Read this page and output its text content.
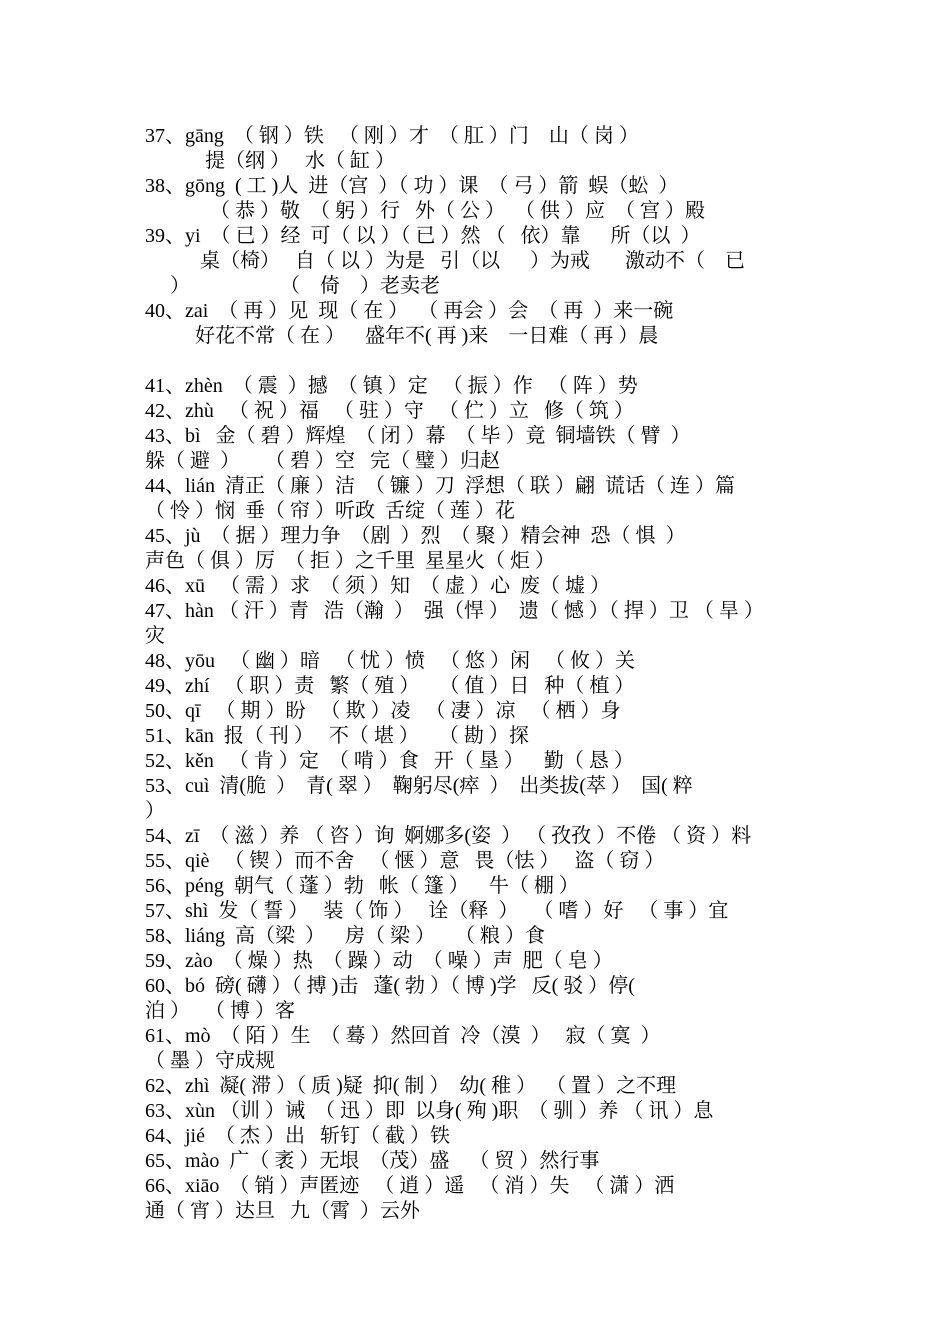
37、gāng  （ 钢 ）铁   （ 刚 ）才  （ 肛 ）门    山（ 岗 ）
提（纲 ）   水（ 缸 ）
38、gōng  ( 工 )人  进（宫  ）（ 功 ）课  （ 弓 ）箭  蜈（蚣  ）
（ 恭 ）敬  （ 躬 ）行   外（ 公 ）  （ 供 ）应  （ 宫 ）殿
39、yi  （ 已 ）经  可（ 以 ）（ 已 ）然 （   依）靠      所（以  ）
桌（椅）   自（ 以 ）为是   引（以      ）为戒       激动不（    已
）                  （    倚    ）老卖老
40、zai  （ 再 ）见  现（ 在 ）  （ 再会 ）会  （ 再  ）来一碗
好花不常（ 在 ）    盛年不( 再 )来    一日难（ 再 ）晨
41、zhèn  （ 震  ）撼  （ 镇 ）定   （ 振 ）作   （ 阵 ）势
42、zhù   （ 祝 ）福   （ 驻 ）守   （ 伫 ）立   修（ 筑 ）
43、bì   金（ 碧 ）辉煌  （ 闭 ）幕  （ 毕 ）竟  铜墙铁（ 臂  ）
躲（ 避  ）     （ 碧 ）空   完（ 璧 ）归赵
44、lián  清正（ 廉 ）洁  （ 镰 ）刀  浮想（ 联 ）翩  谎话（ 连 ）篇
（ 怜 ）悯  垂（ 帘 ）听政  舌绽（ 莲 ）花
45、jù  （ 据 ）理力争  （剧  ）烈  （ 聚 ）精会神  恐（ 惧  ）
声色（ 俱 ）厉  （ 拒 ）之千里  星星火（ 炬 ）
46、xū   （ 需 ）求  （ 须 ）知  （ 虚 ）心  废（ 墟 ）
47、hàn （ 汗 ）青   浩（瀚  ）  强（悍 ）  遗（ 憾 ）（ 捍 ）卫 （ 旱 ）
灾
48、yōu   （ 幽 ）暗   （ 忧 ）愤   （ 悠 ）闲   （ 攸 ）关
49、zhí   （ 职 ）责   繁（ 殖 ）    （ 值 ）日   种（ 植 ）
50、qī   （ 期 ）盼   （ 欺 ）凌   （ 凄 ）凉   （ 栖 ）身
51、kān  报（ 刊 ）   不（ 堪 ）    （ 勘 ）探
52、kěn   （ 肯 ）定  （ 啃 ）食   开（ 垦 ）    勤（ 恳 ）
53、cuì  清(脆  ）  青( 翠 ）  鞠躬尽(瘁  ）  出类拔(萃 ）  国( 粹
）
54、zī  （ 滋 ）养 （ 咨 ）询  婀娜多(姿  ） （ 孜孜 ）不倦 （ 资 ）料
55、qiè   （ 锲 ）而不舍   （ 惬 ）意   畏（怯 ）   盗（ 窃 ）
56、péng  朝气（ 蓬 ）勃   帐（ 篷 ）    牛（ 棚 ）
57、shì  发（ 誓 ）   装（ 饰 ）   诠（释  ）   （ 嗜 ）好   （ 事 ）宜
58、liáng  高（梁  ）    房（ 梁 ）    （ 粮 ）食
59、zào  （ 燥 ）热  （ 躁 ）动  （ 噪 ）声  肥（ 皂 ）
60、bó  磅( 礴 ）（ 搏 )击   蓬( 勃 ）（ 博 )学   反( 驳 ）停(
泊 ）   （ 博 ）客
61、mò  （ 陌 ）生  （ 蓦 ）然回首  冷（漠  ）   寂（ 寞  ）
（ 墨 ）守成规
62、zhì  凝( 滞 ）（ 质 )疑  抑( 制 ）  幼( 稚 ）  （ 置 ）之不理
63、xùn （训 ）诫  （ 迅 ）即  以身( 殉 )职  （ 驯 ）养 （ 讯 ）息
64、jié  （ 杰 ）出   斩钉（ 截 ）铁
65、mào  广（ 袤 ）无垠  （茂）盛    （ 贸 ）然行事
66、xiāo  （ 销 ）声匿迹   （ 逍 ）遥   （ 消 ）失   （ 潇 ）洒
通（ 宵 ）达旦   九（霄  ）云外
